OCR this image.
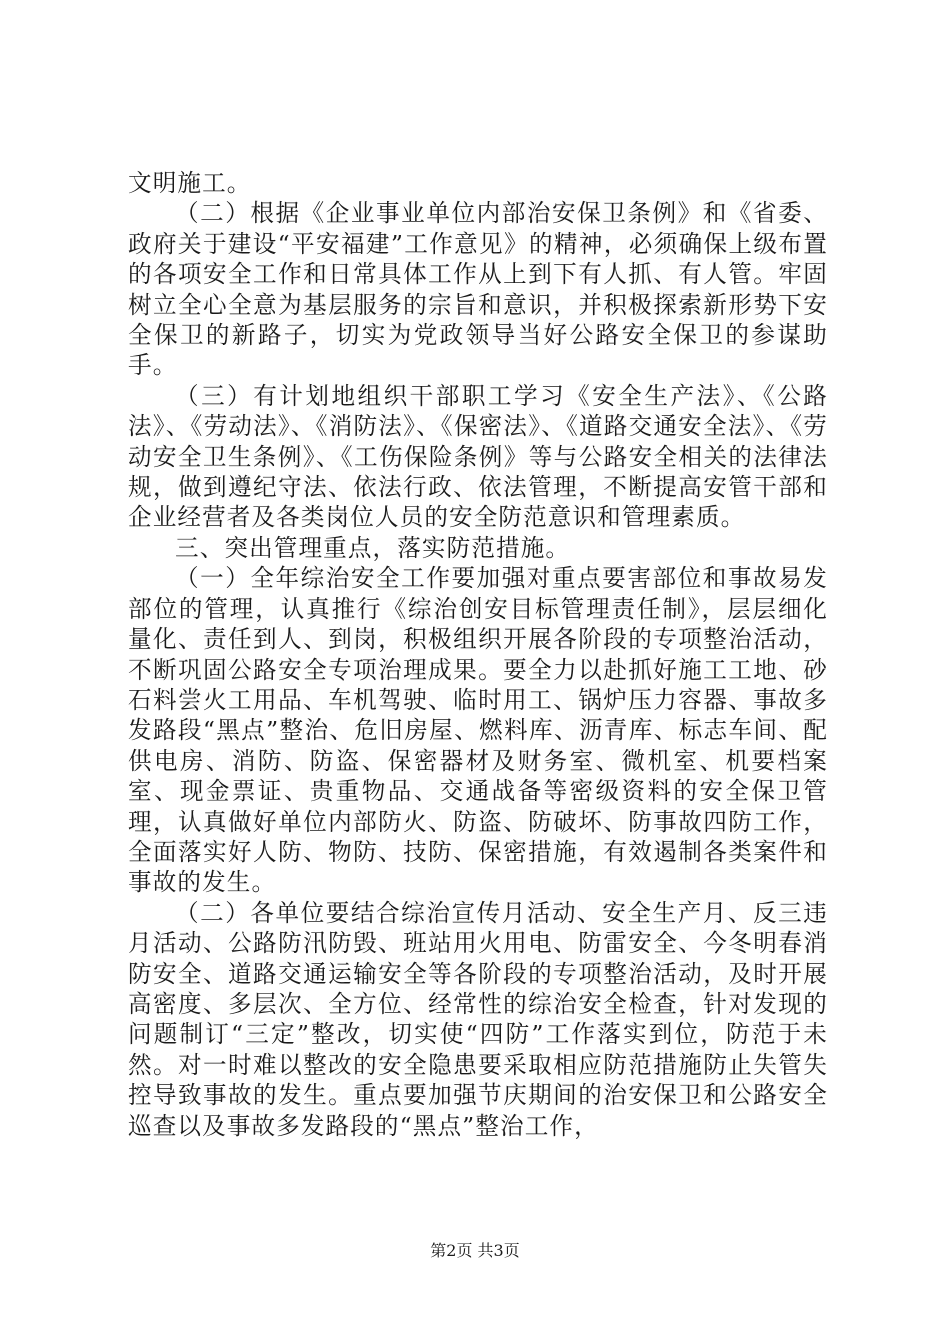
文明施工。

（二）根据《企业事业单位内部治安保卫条例》和《省委、政府关于建设“平安福建”工作意见》的精神，必须确保上级布置的各项安全工作和日常具体工作从上到下有人抓、有人管。牢固树立全心全意为基层服务的宗旨和意识，并积极探索新形势下安全保卫的新路子，切实为党政领导当好公路安全保卫的参谋助手。

（三）有计划地组织干部职工学习《安全生产法》、《公路法》、《劳动法》、《消防法》、《保密法》、《道路交通安全法》、《劳动安全卫生条例》、《工伤保险条例》等与公路安全相关的法律法规，做到遵纪守法、依法行政、依法管理，不断提高安管干部和企业经营者及各类岗位人员的安全防范意识和管理素质。

三、突出管理重点，落实防范措施。

（一）全年综治安全工作要加强对重点要害部位和事故易发部位的管理，认真推行《综治创安目标管理责任制》，层层细化量化、责任到人、到岗，积极组织开展各阶段的专项整治活动，不断巩固公路安全专项治理成果。要全力以赴抓好施工工地、砂石料尝火工用品、车机驾驶、临时用工、锅炉压力容器、事故多发路段“黑点”整治、危旧房屋、燃料库、沥青库、标志车间、配供电房、消防、防盗、保密器材及财务室、微机室、机要档案室、现金票证、贵重物品、交通战备等密级资料的安全保卫管理，认真做好单位内部防火、防盗、防破坏、防事故四防工作，全面落实好人防、物防、技防、保密措施，有效遏制各类案件和事故的发生。

（二）各单位要结合综治宣传月活动、安全生产月、反三违月活动、公路防汛防毁、班站用火用电、防雷安全、今冬明春消防安全、道路交通运输安全等各阶段的专项整治活动，及时开展高密度、多层次、全方位、经常性的综治安全检查，针对发现的问题制订“三定”整改，切实使“四防”工作落实到位，防范于未然。对一时难以整改的安全隐患要采取相应防范措施防止失管失控导致事故的发生。重点要加强节庆期间的治安保卫和公路安全巡查以及事故多发路段的“黑点”整治工作，

第2页 共3页
